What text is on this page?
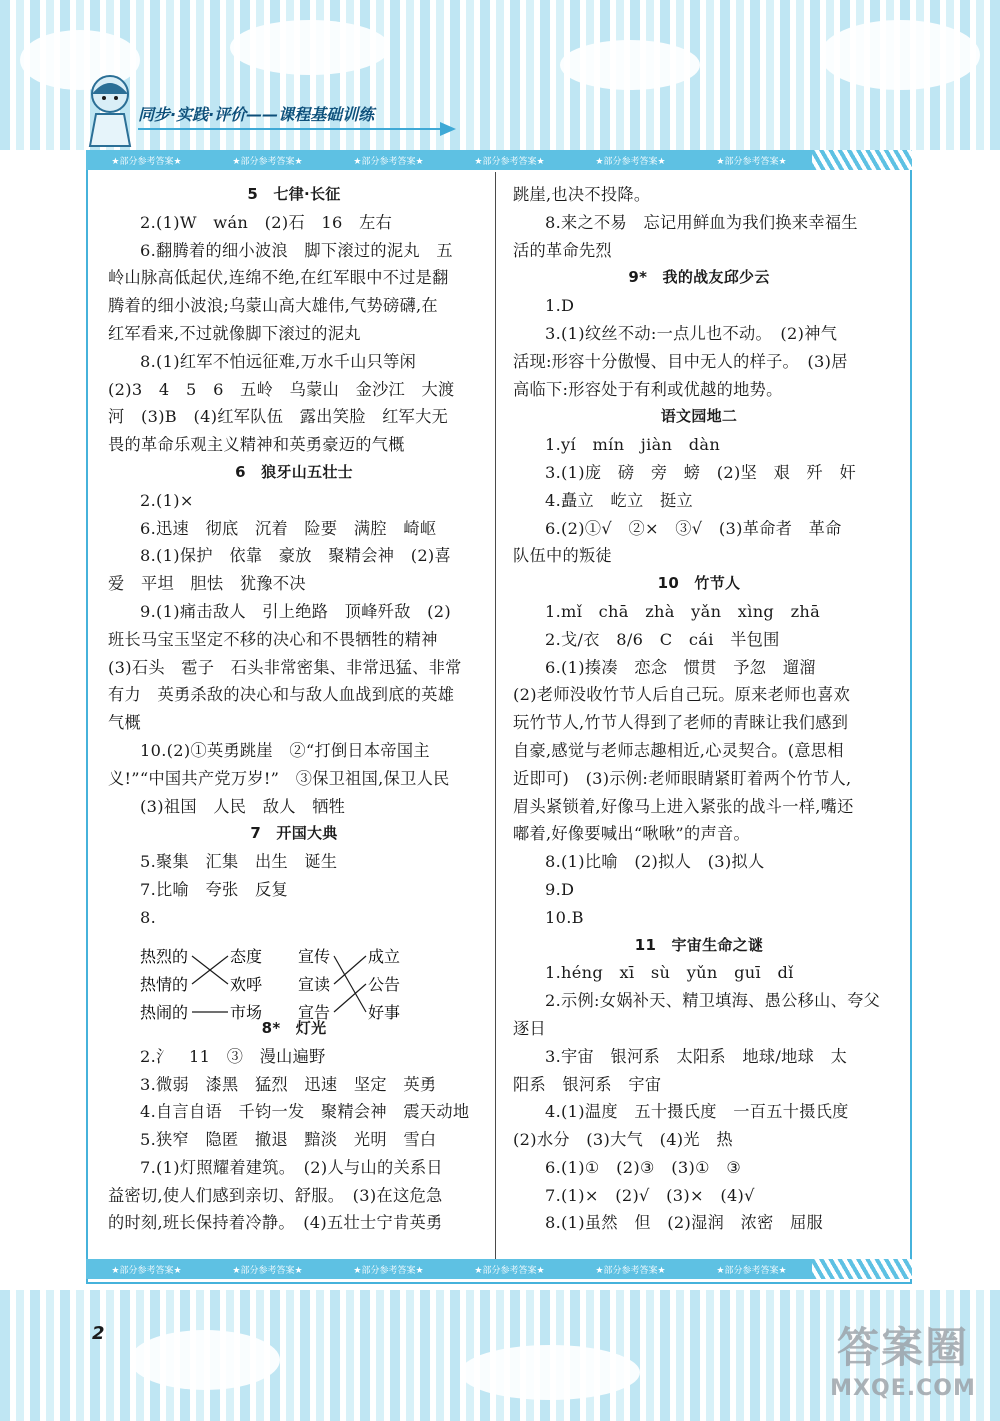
同步·实践·评价——课程基础训练
★部分参考答案★	★部分参考答案★	★部分参考答案★	★部分参考答案★	★部分参考答案★	★部分参考答案★
5　七律·长征
2.(1)W　wán　(2)石　16　左右
6.翻腾着的细小波浪　脚下滚过的泥丸　五
岭山脉高低起伏,连绵不绝,在红军眼中不过是翻
腾着的细小波浪;乌蒙山高大雄伟,气势磅礴,在
红军看来,不过就像脚下滚过的泥丸
8.(1)红军不怕远征难,万水千山只等闲
(2)3　4　5　6　五岭　乌蒙山　金沙江　大渡
河　(3)B　(4)红军队伍　露出笑脸　红军大无
畏的革命乐观主义精神和英勇豪迈的气概
6　狼牙山五壮士
2.(1)×
6.迅速　彻底　沉着　险要　满腔　崎岖
8.(1)保护　依靠　豪放　聚精会神　(2)喜
爱　平坦　胆怯　犹豫不决
9.(1)痛击敌人　引上绝路　顶峰歼敌　(2)
班长马宝玉坚定不移的决心和不畏牺牲的精神
(3)石头　雹子　石头非常密集、非常迅猛、非常
有力　英勇杀敌的决心和与敌人血战到底的英雄
气概
10.(2)①英勇跳崖　②“打倒日本帝国主
义!”“中国共产党万岁!”　③保卫祖国,保卫人民
(3)祖国　人民　敌人　牺牲
7　开国大典
5.聚集　汇集　出生　诞生
7.比喻　夸张　反复
8.
8*　灯光
2.氵　11　③　漫山遍野
3.微弱　漆黑　猛烈　迅速　坚定　英勇
4.自言自语　千钧一发　聚精会神　震天动地
5.狭窄　隐匿　撤退　黯淡　光明　雪白
7.(1)灯照耀着建筑。　(2)人与山的关系日
益密切,使人们感到亲切、舒服。　(3)在这危急
的时刻,班长保持着冷静。　(4)五壮士宁肯英勇
热烈的
热情的
热闹的
态度
欢呼
市场
宣传
宣读
宣告
成立
公告
好事
跳崖,也决不投降。
8.来之不易　忘记用鲜血为我们换来幸福生
活的革命先烈
9*　我的战友邱少云
1.D
3.(1)纹丝不动:一点儿也不动。　(2)神气
活现:形容十分傲慢、目中无人的样子。　(3)居
高临下:形容处于有利或优越的地势。
语文园地二
1.yí　mín　jiàn　dàn
3.(1)庞　磅　旁　螃　(2)坚　艰　歼　奸
4.矗立　屹立　挺立
6.(2)①√　②×　③√　(3)革命者　革命
队伍中的叛徒
10　竹节人
1.mǐ　chā　zhà　yǎn　xìng　zhā
2.戈/衣　8/6　C　cái　半包围
6.(1)揍凑　恋念　惯贯　予忽　遛溜
(2)老师没收竹节人后自己玩。原来老师也喜欢
玩竹节人,竹节人得到了老师的青睐让我们感到
自豪,感觉与老师志趣相近,心灵契合。(意思相
近即可)　(3)示例:老师眼睛紧盯着两个竹节人,
眉头紧锁着,好像马上进入紧张的战斗一样,嘴还
嘟着,好像要喊出“啾啾”的声音。
8.(1)比喻　(2)拟人　(3)拟人
9.D
10.B
11　宇宙生命之谜
1.héng　xī　sù　yǔn　guī　dǐ
2.示例:女娲补天、精卫填海、愚公移山、夸父
逐日
3.宇宙　银河系　太阳系　地球/地球　太
阳系　银河系　宇宙
4.(1)温度　五十摄氏度　一百五十摄氏度
(2)水分　(3)大气　(4)光　热
6.(1)①　(2)③　(3)①　③
7.(1)×　(2)√　(3)×　(4)√
8.(1)虽然　但　(2)湿润　浓密　屈服
★部分参考答案★	★部分参考答案★	★部分参考答案★	★部分参考答案★	★部分参考答案★	★部分参考答案★
2	答案圈
MXQE.COM
